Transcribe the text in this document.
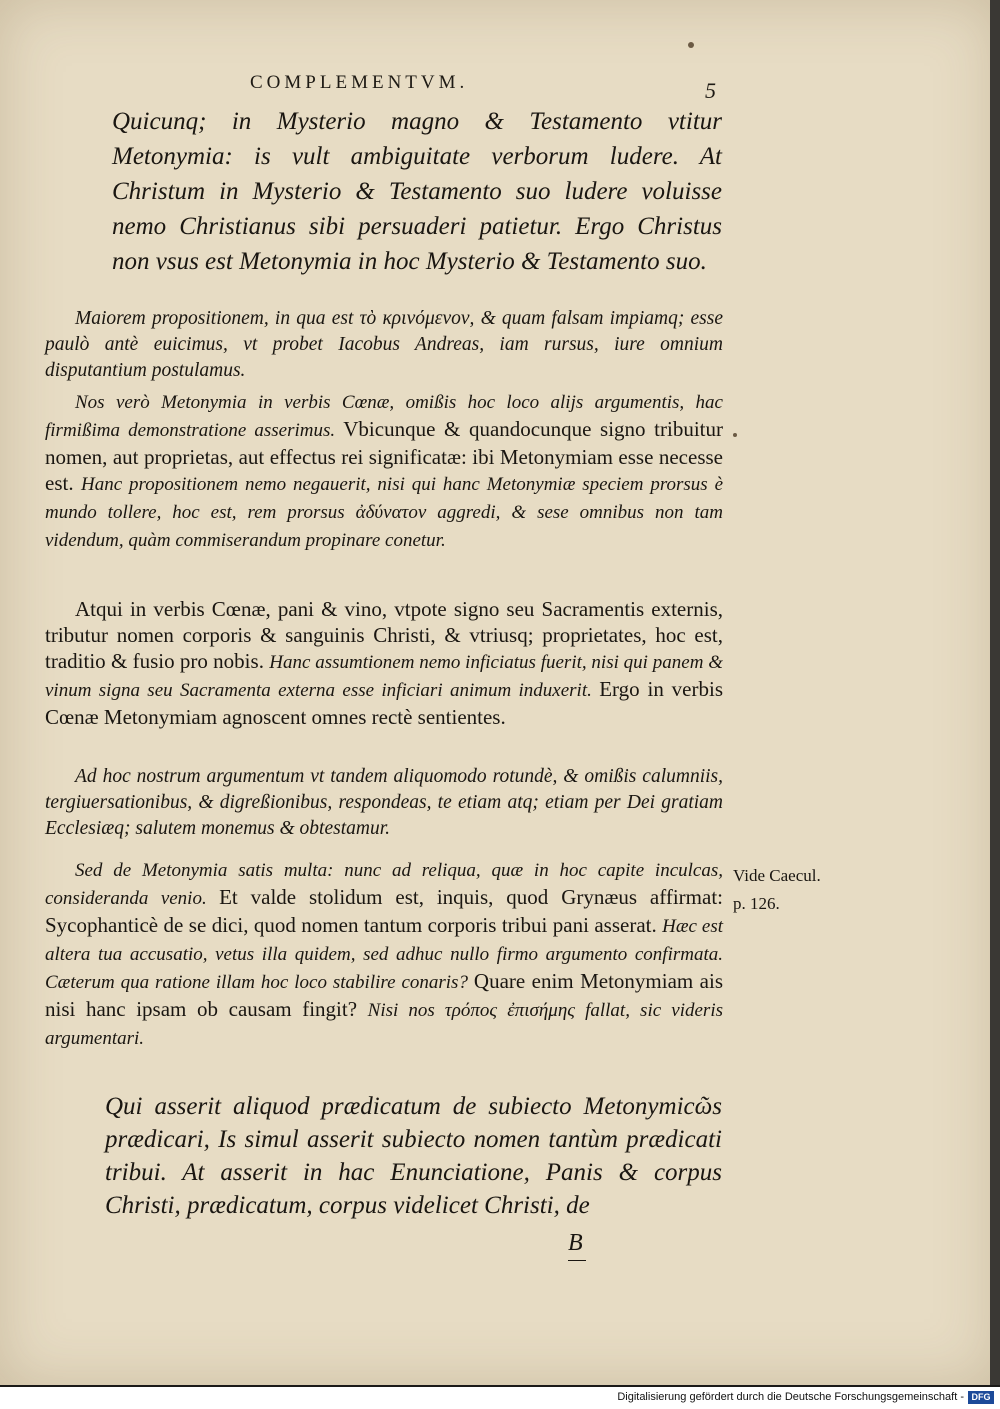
COMPLEMENTVM.	5

Quicunq; in Mysterio magno & Testamento vtitur Metonymia: is vult ambiguitate verborum ludere. At Christum in Mysterio & Testamento suo ludere voluisse nemo Christianus sibi persuaderi patietur. Ergo Christus non vsus est Metonymia in hoc Mysterio & Testamento suo.

Maiorem propositionem, in qua est τὸ κρινόμενον, & quam falsam impiamq; esse paulò antè euicimus, vt probet Iacobus Andreas, iam rursus, iure omnium disputantium postulamus.

Nos verò Metonymia in verbis Cœnæ, omißis hoc loco alijs argumentis, hac firmißima demonstratione asserimus. Vbicunque & quandocunque signo tribuitur nomen, aut proprietas, aut effectus rei significatæ: ibi Metonymiam esse necesse est. Hanc propositionem nemo negauerit, nisi qui hanc Metonymiæ speciem prorsus è mundo tollere, hoc est, rem prorsus ἀδύνατον aggredi, & sese omnibus non tam videndum, quàm commiserandum propinare conetur.

Atqui in verbis Cœnæ, pani & vino, vtpote signo seu Sacramentis externis, tributur nomen corporis & sanguinis Christi, & vtriusq; proprietates, hoc est, traditio & fusio pro nobis. Hanc assumtionem nemo inficiatus fuerit, nisi qui panem & vinum signa seu Sacramenta externa esse inficiari animum induxerit. Ergo in verbis Cœnæ Metonymiam agnoscent omnes rectè sentientes.

Ad hoc nostrum argumentum vt tandem aliquomodo rotundè, & omißis calumniis, tergiuersationibus, & digreßionibus, respondeas, te etiam atq; etiam per Dei gratiam Ecclesiæq; salutem monemus & obtestamur.

Sed de Metonymia satis multa: nunc ad reliqua, quæ in hoc capite inculcas, consideranda venio. Et valde stolidum est, inquis, quod Grynæus affirmat: Sycophanticè de se dici, quod nomen tantum corporis tribui pani asserat. Hæc est altera tua accusatio, vetus illa quidem, sed adhuc nullo firmo argumento confirmata. Cæterum qua ratione illam hoc loco stabilire conaris? Quare enim Metonymiam ais nisi hanc ipsam ob causam fingit? Nisi nos τρόπος ἐπισήμης fallat, sic videris argumentari.

Qui asserit aliquod prædicatum de subiecto Metonymicῶs prædicari, Is simul asserit subiecto nomen tantùm prædicati tribui. At asserit in hac Enunciatione, Panis & corpus Christi, prædicatum, corpus videlicet Christi, de

Vide Caecul. p. 126.
B
Digitalisierung gefördert durch die Deutsche Forschungsgemeinschaft - DFG
